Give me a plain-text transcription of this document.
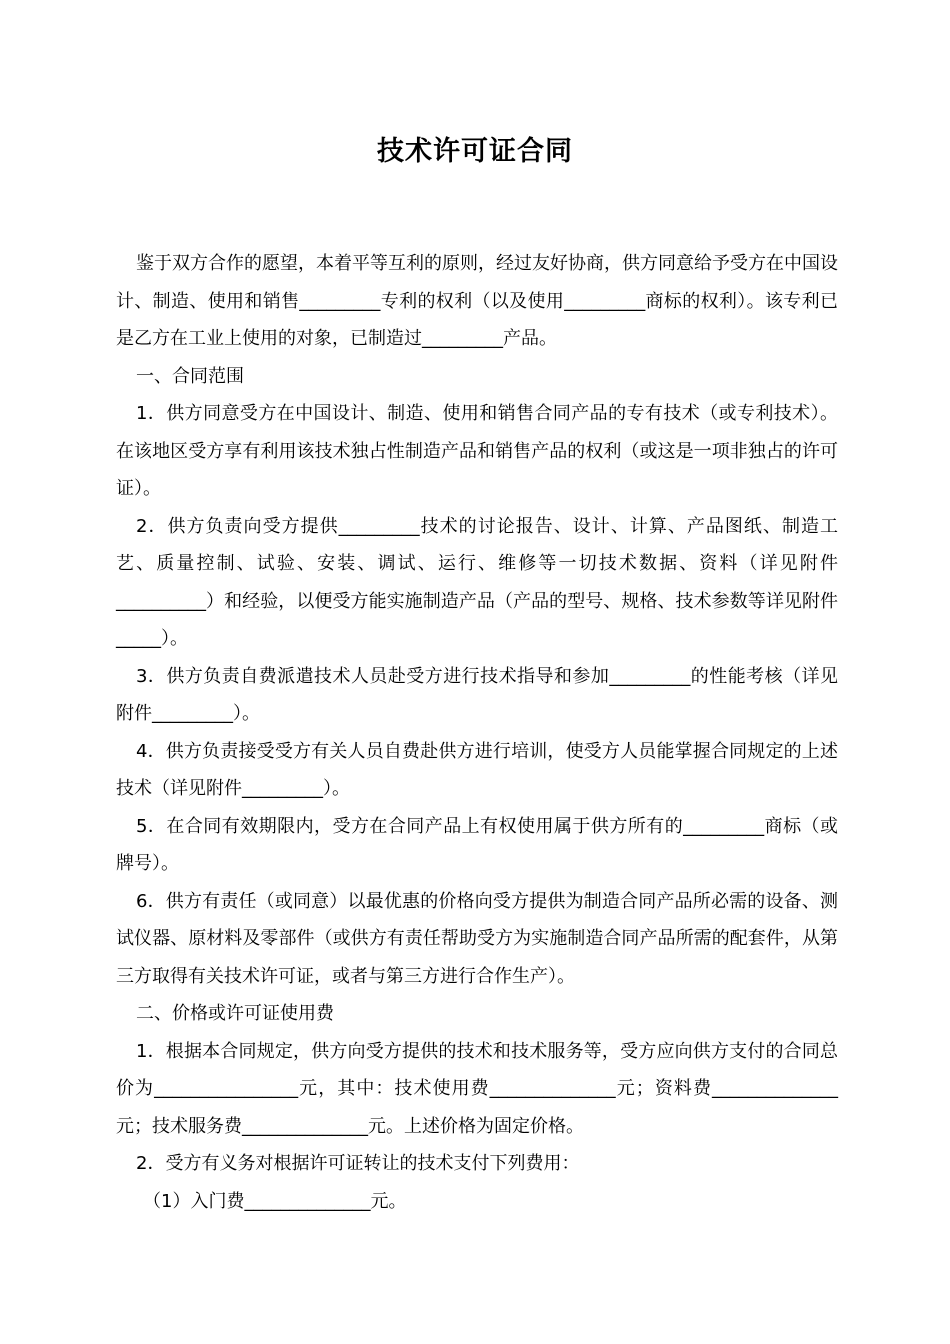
技术许可证合同

鉴于双方合作的愿望，本着平等互利的原则，经过友好协商，供方同意给予受方在中国设计、制造、使用和销售_________专利的权利（以及使用_________商标的权利）。该专利已是乙方在工业上使用的对象，已制造过_________产品。

一、合同范围

1．供方同意受方在中国设计、制造、使用和销售合同产品的专有技术（或专利技术）。在该地区受方享有利用该技术独占性制造产品和销售产品的权利（或这是一项非独占的许可证）。

2．供方负责向受方提供_________技术的讨论报告、设计、计算、产品图纸、制造工艺、质量控制、试验、安装、调试、运行、维修等一切技术数据、资料（详见附件__________）和经验，以便受方能实施制造产品（产品的型号、规格、技术参数等详见附件_____）。

3．供方负责自费派遣技术人员赴受方进行技术指导和参加_________的性能考核（详见附件_________）。

4．供方负责接受受方有关人员自费赴供方进行培训，使受方人员能掌握合同规定的上述技术（详见附件_________）。

5．在合同有效期限内，受方在合同产品上有权使用属于供方所有的_________商标（或牌号）。

6．供方有责任（或同意）以最优惠的价格向受方提供为制造合同产品所必需的设备、测试仪器、原材料及零部件（或供方有责任帮助受方为实施制造合同产品所需的配套件，从第三方取得有关技术许可证，或者与第三方进行合作生产）。

二、价格或许可证使用费

1．根据本合同规定，供方向受方提供的技术和技术服务等，受方应向供方支付的合同总价为________________元，其中：技术使用费______________元；资料费______________元；技术服务费______________元。上述价格为固定价格。

2．受方有义务对根据许可证转让的技术支付下列费用：

（1）入门费______________元。
